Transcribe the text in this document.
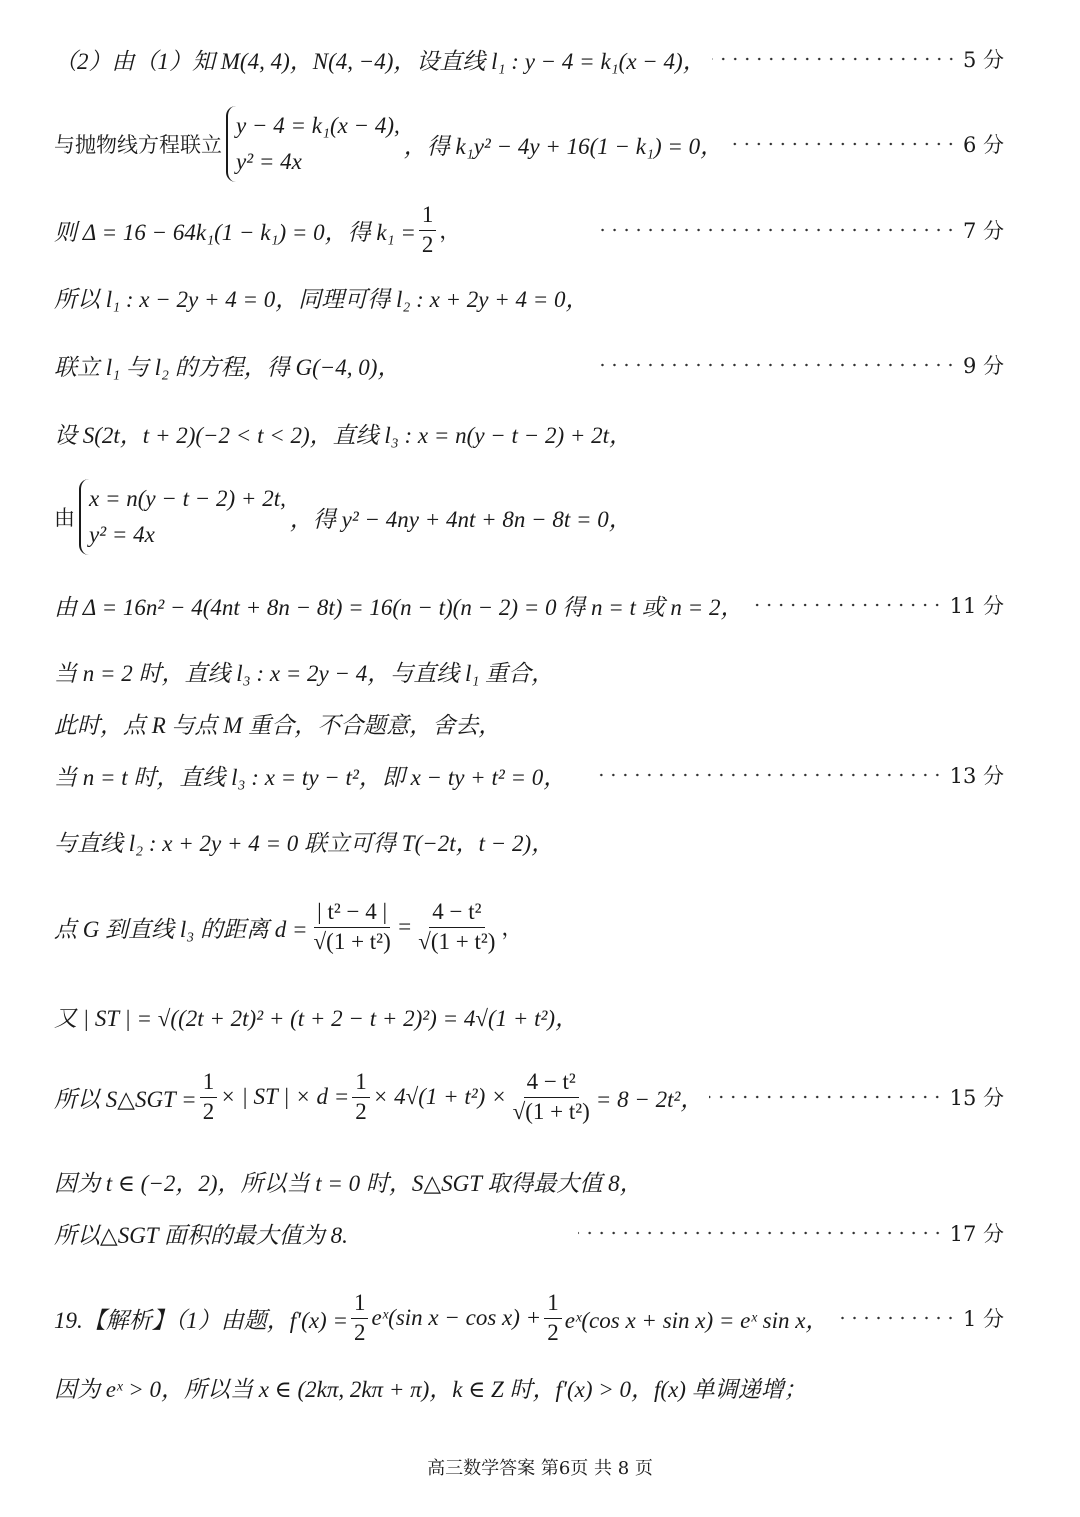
（2）由（1）知 M(4, 4)，N(4, −4)，设直线 l₁ : y − 4 = k₁(x − 4)，	5 分
与抛物线方程联立
y − 4 = k₁(x − 4),
y² = 4x
，得 k₁y² − 4y + 16(1 − k₁) = 0，	6 分
则 Δ = 16 − 64k₁(1 − k₁) = 0，得 $k_1 = \frac{1}{2}$ ，	7 分
所以 l₁ : x − 2y + 4 = 0，同理可得 l₂ : x + 2y + 4 = 0，
联立 l₁ 与 l₂ 的方程，得 G(−4, 0)，	9 分
设 S(2t，t + 2)(−2 < t < 2)，直线 l₃ : x = n(y − t − 2) + 2t，
由
x = n(y − t − 2) + 2t,
y² = 4x
，得 y² − 4ny + 4nt + 8n − 8t = 0，
由 Δ = 16n² − 4(4nt + 8n − 8t) = 16(n − t)(n − 2) = 0 得 n = t 或 n = 2，	11 分
当 n = 2 时，直线 l₃ : x = 2y − 4，与直线 l₁ 重合，
此时，点 R 与点 M 重合，不合题意，舍去，
当 n = t 时，直线 l₃ : x = ty − t²，即 x − ty + t² = 0，	13 分
与直线 l₂ : x + 2y + 4 = 0 联立可得 T(−2t，t − 2)，
点 G 到直线 l₃ 的距离 $d = \frac{\text{| t² − 4 |}}{\text{√(1 + t²)}} = \frac{\text{4 − t²}}{\text{√(1 + t²)}}$ ，
又 | ST | = √((2t + 2t)² + (t + 2 − t + 2)²) = 4√(1 + t²)，
所以 S△SGT = $\frac{1}{2}$ × | ST | × $d = \frac{1}{2} \times 4√(1 + t^2) \times \frac{\text{4 − t²}}{\text{√(1 + t²)}} = 8 - 2t^2$，	15 分
因为 t ∈ (−2，2)，所以当 t = 0 时，S△SGT 取得最大值 8，
所以△SGT 面积的最大值为 8.	17 分
19.【解析】（1）由题，$f'(x) = \frac{1}{2}$ eˣ(sin $x - \cos x) + \frac{1}{2}$ eˣ(cos x + sin x) = eˣ sin x，	1 分
因为 eˣ > 0，所以当 x ∈ (2kπ, 2kπ + π)，k ∈ Z 时，f′(x) > 0，f(x) 单调递增；
高三数学答案 第6页 共 8 页
